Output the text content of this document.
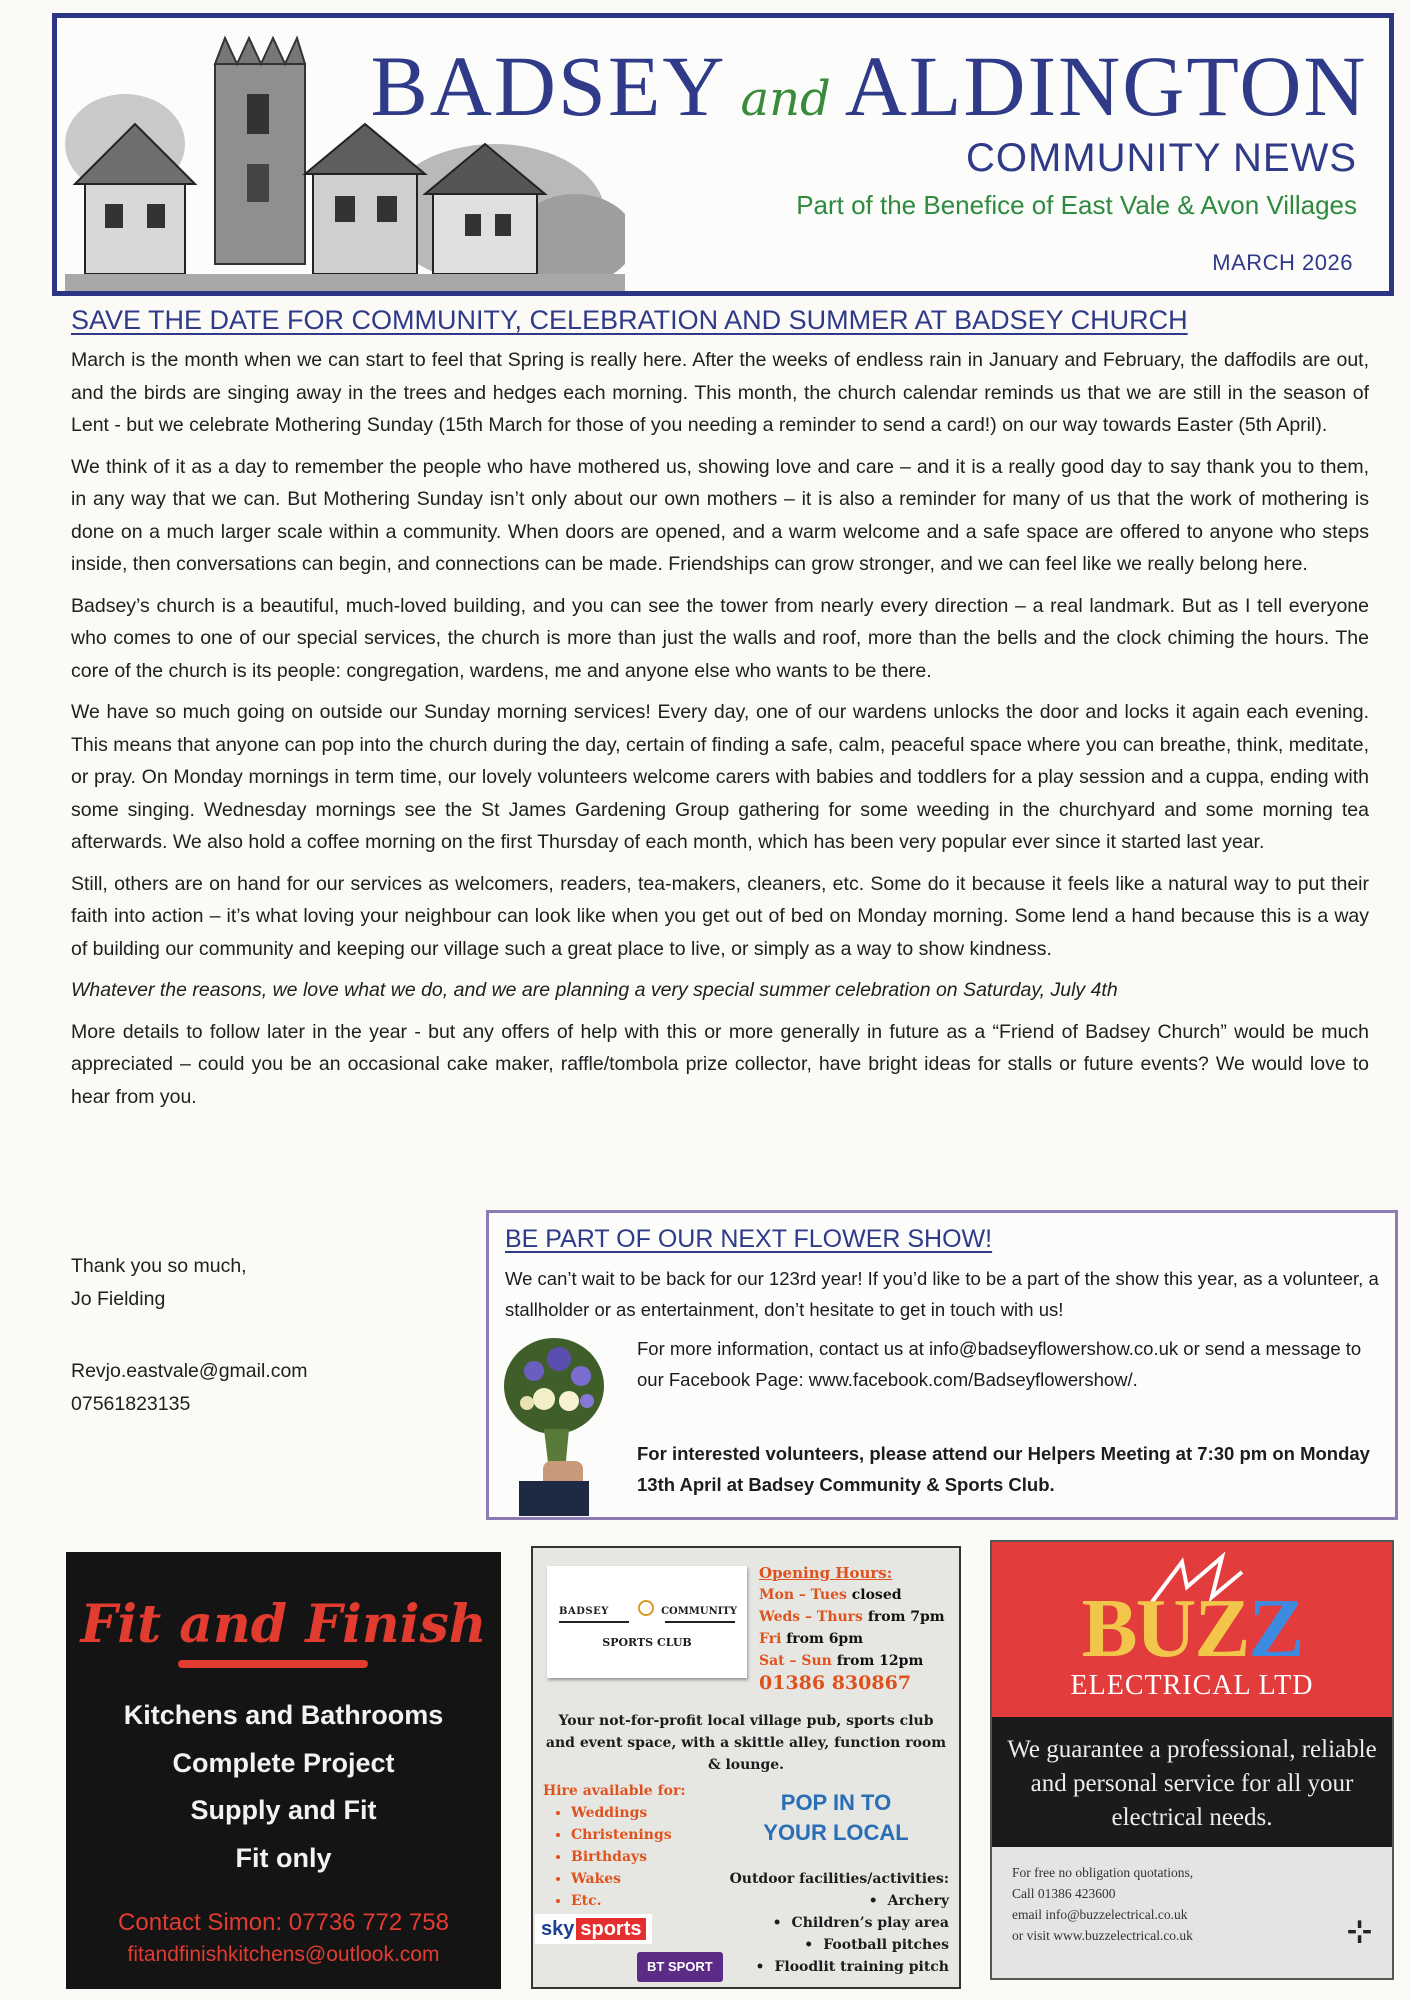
BADSEY and ALDINGTON
COMMUNITY NEWS
Part of the Benefice of East Vale & Avon Villages
MARCH 2026
SAVE THE DATE FOR COMMUNITY, CELEBRATION AND SUMMER AT BADSEY CHURCH

March is the month when we can start to feel that Spring is really here. After the weeks of endless rain in January and February, the daffodils are out, and the birds are singing away in the trees and hedges each morning. This month, the church calendar reminds us that we are still in the season of Lent - but we celebrate Mothering Sunday (15th March for those of you needing a reminder to send a card!) on our way towards Easter (5th April).

We think of it as a day to remember the people who have mothered us, showing love and care – and it is a really good day to say thank you to them, in any way that we can. But Mothering Sunday isn’t only about our own mothers – it is also a reminder for many of us that the work of mothering is done on a much larger scale within a community. When doors are opened, and a warm welcome and a safe space are offered to anyone who steps inside, then conversations can begin, and connections can be made. Friendships can grow stronger, and we can feel like we really belong here.

Badsey’s church is a beautiful, much-loved building, and you can see the tower from nearly every direction – a real landmark. But as I tell everyone who comes to one of our special services, the church is more than just the walls and roof, more than the bells and the clock chiming the hours. The core of the church is its people: congregation, wardens, me and anyone else who wants to be there.

We have so much going on outside our Sunday morning services! Every day, one of our wardens unlocks the door and locks it again each evening. This means that anyone can pop into the church during the day, certain of finding a safe, calm, peaceful space where you can breathe, think, meditate, or pray. On Monday mornings in term time, our lovely volunteers welcome carers with babies and toddlers for a play session and a cuppa, ending with some singing. Wednesday mornings see the St James Gardening Group gathering for some weeding in the churchyard and some morning tea afterwards. We also hold a coffee morning on the first Thursday of each month, which has been very popular ever since it started last year.

Still, others are on hand for our services as welcomers, readers, tea-makers, cleaners, etc. Some do it because it feels like a natural way to put their faith into action – it’s what loving your neighbour can look like when you get out of bed on Monday morning. Some lend a hand because this is a way of building our community and keeping our village such a great place to live, or simply as a way to show kindness.

Whatever the reasons, we love what we do, and we are planning a very special summer celebration on Saturday, July 4th

More details to follow later in the year - but any offers of help with this or more generally in future as a “Friend of Badsey Church” would be much appreciated – could you be an occasional cake maker, raffle/tombola prize collector, have bright ideas for stalls or future events? We would love to hear from you.

Thank you so much,
Jo Fielding
Revjo.eastvale@gmail.com
07561823135
BE PART OF OUR NEXT FLOWER SHOW!
We can’t wait to be back for our 123rd year! If you’d like to be a part of the show this year, as a volunteer, a stallholder or as entertainment, don’t hesitate to get in touch with us!
For more information, contact us at info@badseyflowershow.co.uk or send a message to our Facebook Page: www.facebook.com/Badseyflowershow/.
For interested volunteers, please attend our Helpers Meeting at 7:30 pm on Monday 13th April at Badsey Community & Sports Club.
Fit and Finish
Kitchens and Bathrooms
Complete Project
Supply and Fit
Fit only
Contact Simon: 07736 772 758
fitandfinishkitchens@outlook.com
BADSEY	COMMUNITY
SPORTS CLUB
Opening Hours:
Mon – Tues closed
Weds – Thurs from 7pm
Fri from 6pm
Sat – Sun from 12pm
01386 830867
Your not-for-profit local village pub, sports club and event space, with a skittle alley, function room & lounge.
Hire available for:
• Weddings
• Christenings
• Birthdays
• Wakes
• Etc.
POP IN TO
YOUR LOCAL
Outdoor facilities/activities:
• Archery
• Children’s play area
• Football pitches
• Floodlit training pitch
sky sports
BT SPORT
BUZZ
ELECTRICAL LTD
We guarantee a professional, reliable and personal service for all your electrical needs.
For free no obligation quotations,
Call 01386 423600
email info@buzzelectrical.co.uk
or visit www.buzzelectrical.co.uk	⊹
